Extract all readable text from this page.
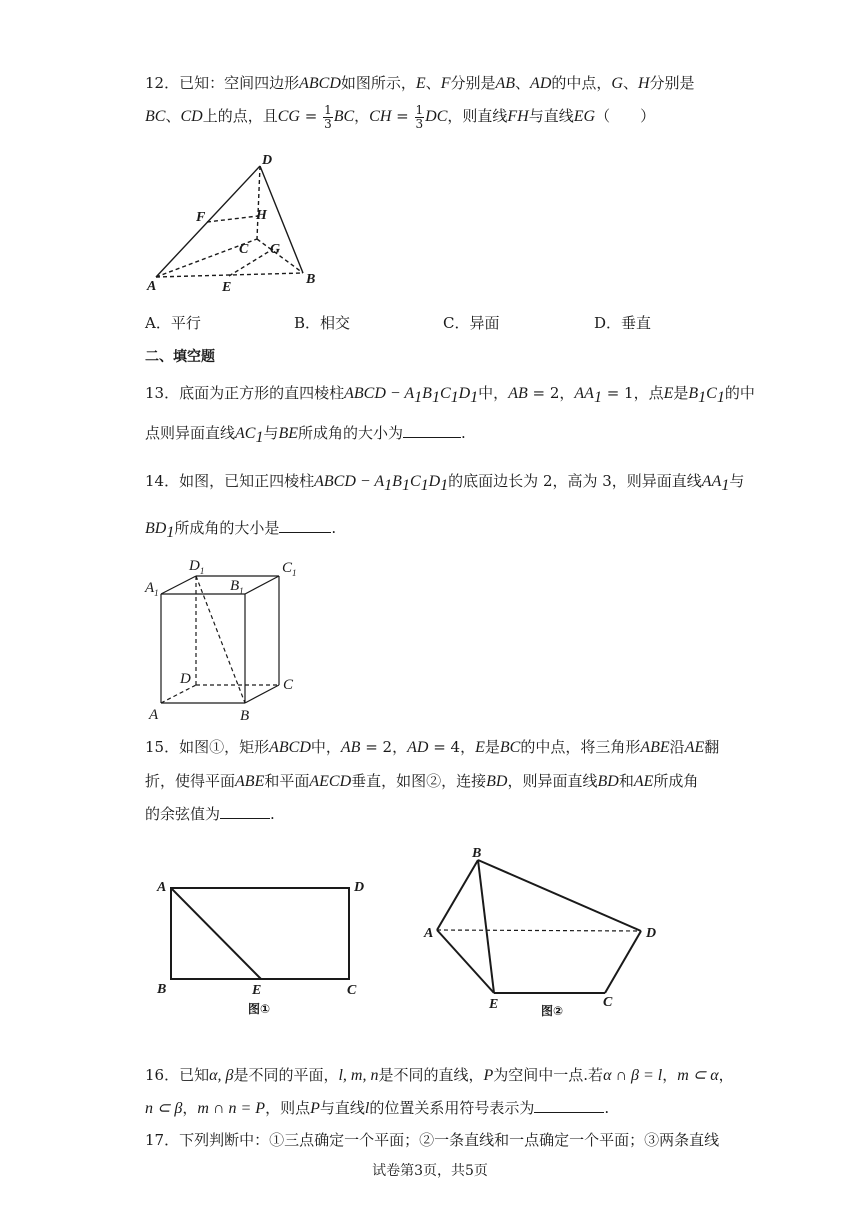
12．已知：空间四边形ABCD如图所示，E、F分别是AB、AD的中点，G、H分别是
BC、CD上的点，且CG = $\frac{1}{3}$ BC，CH = $\frac{1}{3}$ DC，则直线FH与直线EG（　　）
D
F	H
C G
A	E
B
$A_1$
$D_1$
$B_1$
$C_1$
D	C
A	B
A	D
B	E	C
图①
B
A	D
E	C
图②
A．平行	B．相交	C．异面	D．垂直
二、填空题
13．底面为正方形的直四棱柱ABCD − $A_1B_1C_1D_1$中，AB = 2，$AA_1 = 1$，点E是$B_1C_1$的中
点则异面直线$AC_1$与BE所成角的大小为	.
14．如图，已知正四棱柱ABCD − $A_1B_1C_1D_1$的底面边长为 2，高为 3，则异面直线$AA_1$与
$BD_1$所成角的大小是	.
15．如图①，矩形ABCD中，AB = 2，AD = 4，E是BC的中点，将三角形ABE沿AE翻
折，使得平面ABE和平面AECD垂直，如图②，连接BD，则异面直线BD和AE所成角
的余弦值为	.
16．已知α, β是不同的平面，l, m, n是不同的直线，P为空间中一点.若α ∩ β = l，m ⊂ α，
n ⊂ β，m ∩ n = P，则点P与直线l的位置关系用符号表示为	.
17．下列判断中：①三点确定一个平面；②一条直线和一点确定一个平面；③两条直线
试卷第3页，共5页
